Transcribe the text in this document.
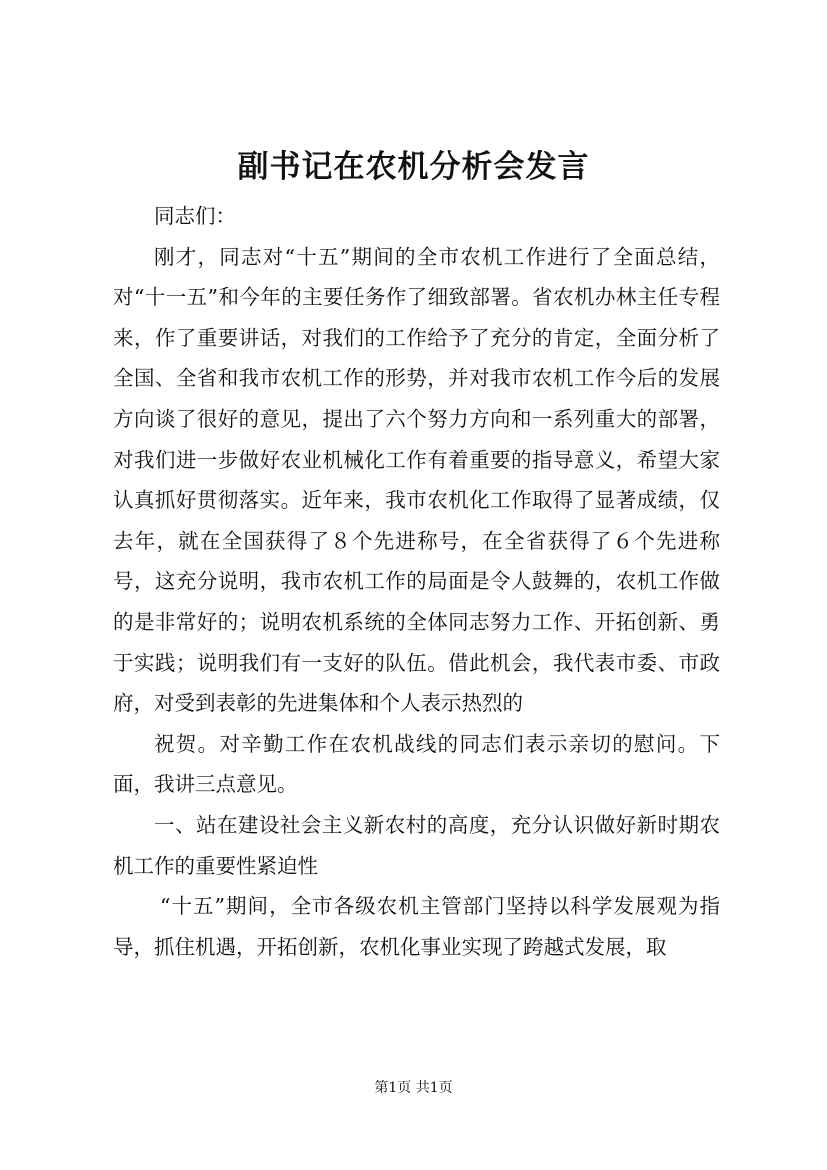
副书记在农机分析会发言

同志们：

刚才，同志对“十五”期间的全市农机工作进行了全面总结，对“十一五”和今年的主要任务作了细致部署。省农机办林主任专程来，作了重要讲话，对我们的工作给予了充分的肯定，全面分析了全国、全省和我市农机工作的形势，并对我市农机工作今后的发展方向谈了很好的意见，提出了六个努力方向和一系列重大的部署，对我们进一步做好农业机械化工作有着重要的指导意义，希望大家认真抓好贯彻落实。近年来，我市农机化工作取得了显著成绩，仅去年，就在全国获得了８个先进称号，在全省获得了６个先进称号，这充分说明，我市农机工作的局面是令人鼓舞的，农机工作做的是非常好的；说明农机系统的全体同志努力工作、开拓创新、勇于实践；说明我们有一支好的队伍。借此机会，我代表市委、市政府，对受到表彰的先进集体和个人表示热烈的

祝贺。对辛勤工作在农机战线的同志们表示亲切的慰问。下面，我讲三点意见。

一、站在建设社会主义新农村的高度，充分认识做好新时期农机工作的重要性紧迫性

“十五”期间，全市各级农机主管部门坚持以科学发展观为指导，抓住机遇，开拓创新，农机化事业实现了跨越式发展，取

第1页 共1页
